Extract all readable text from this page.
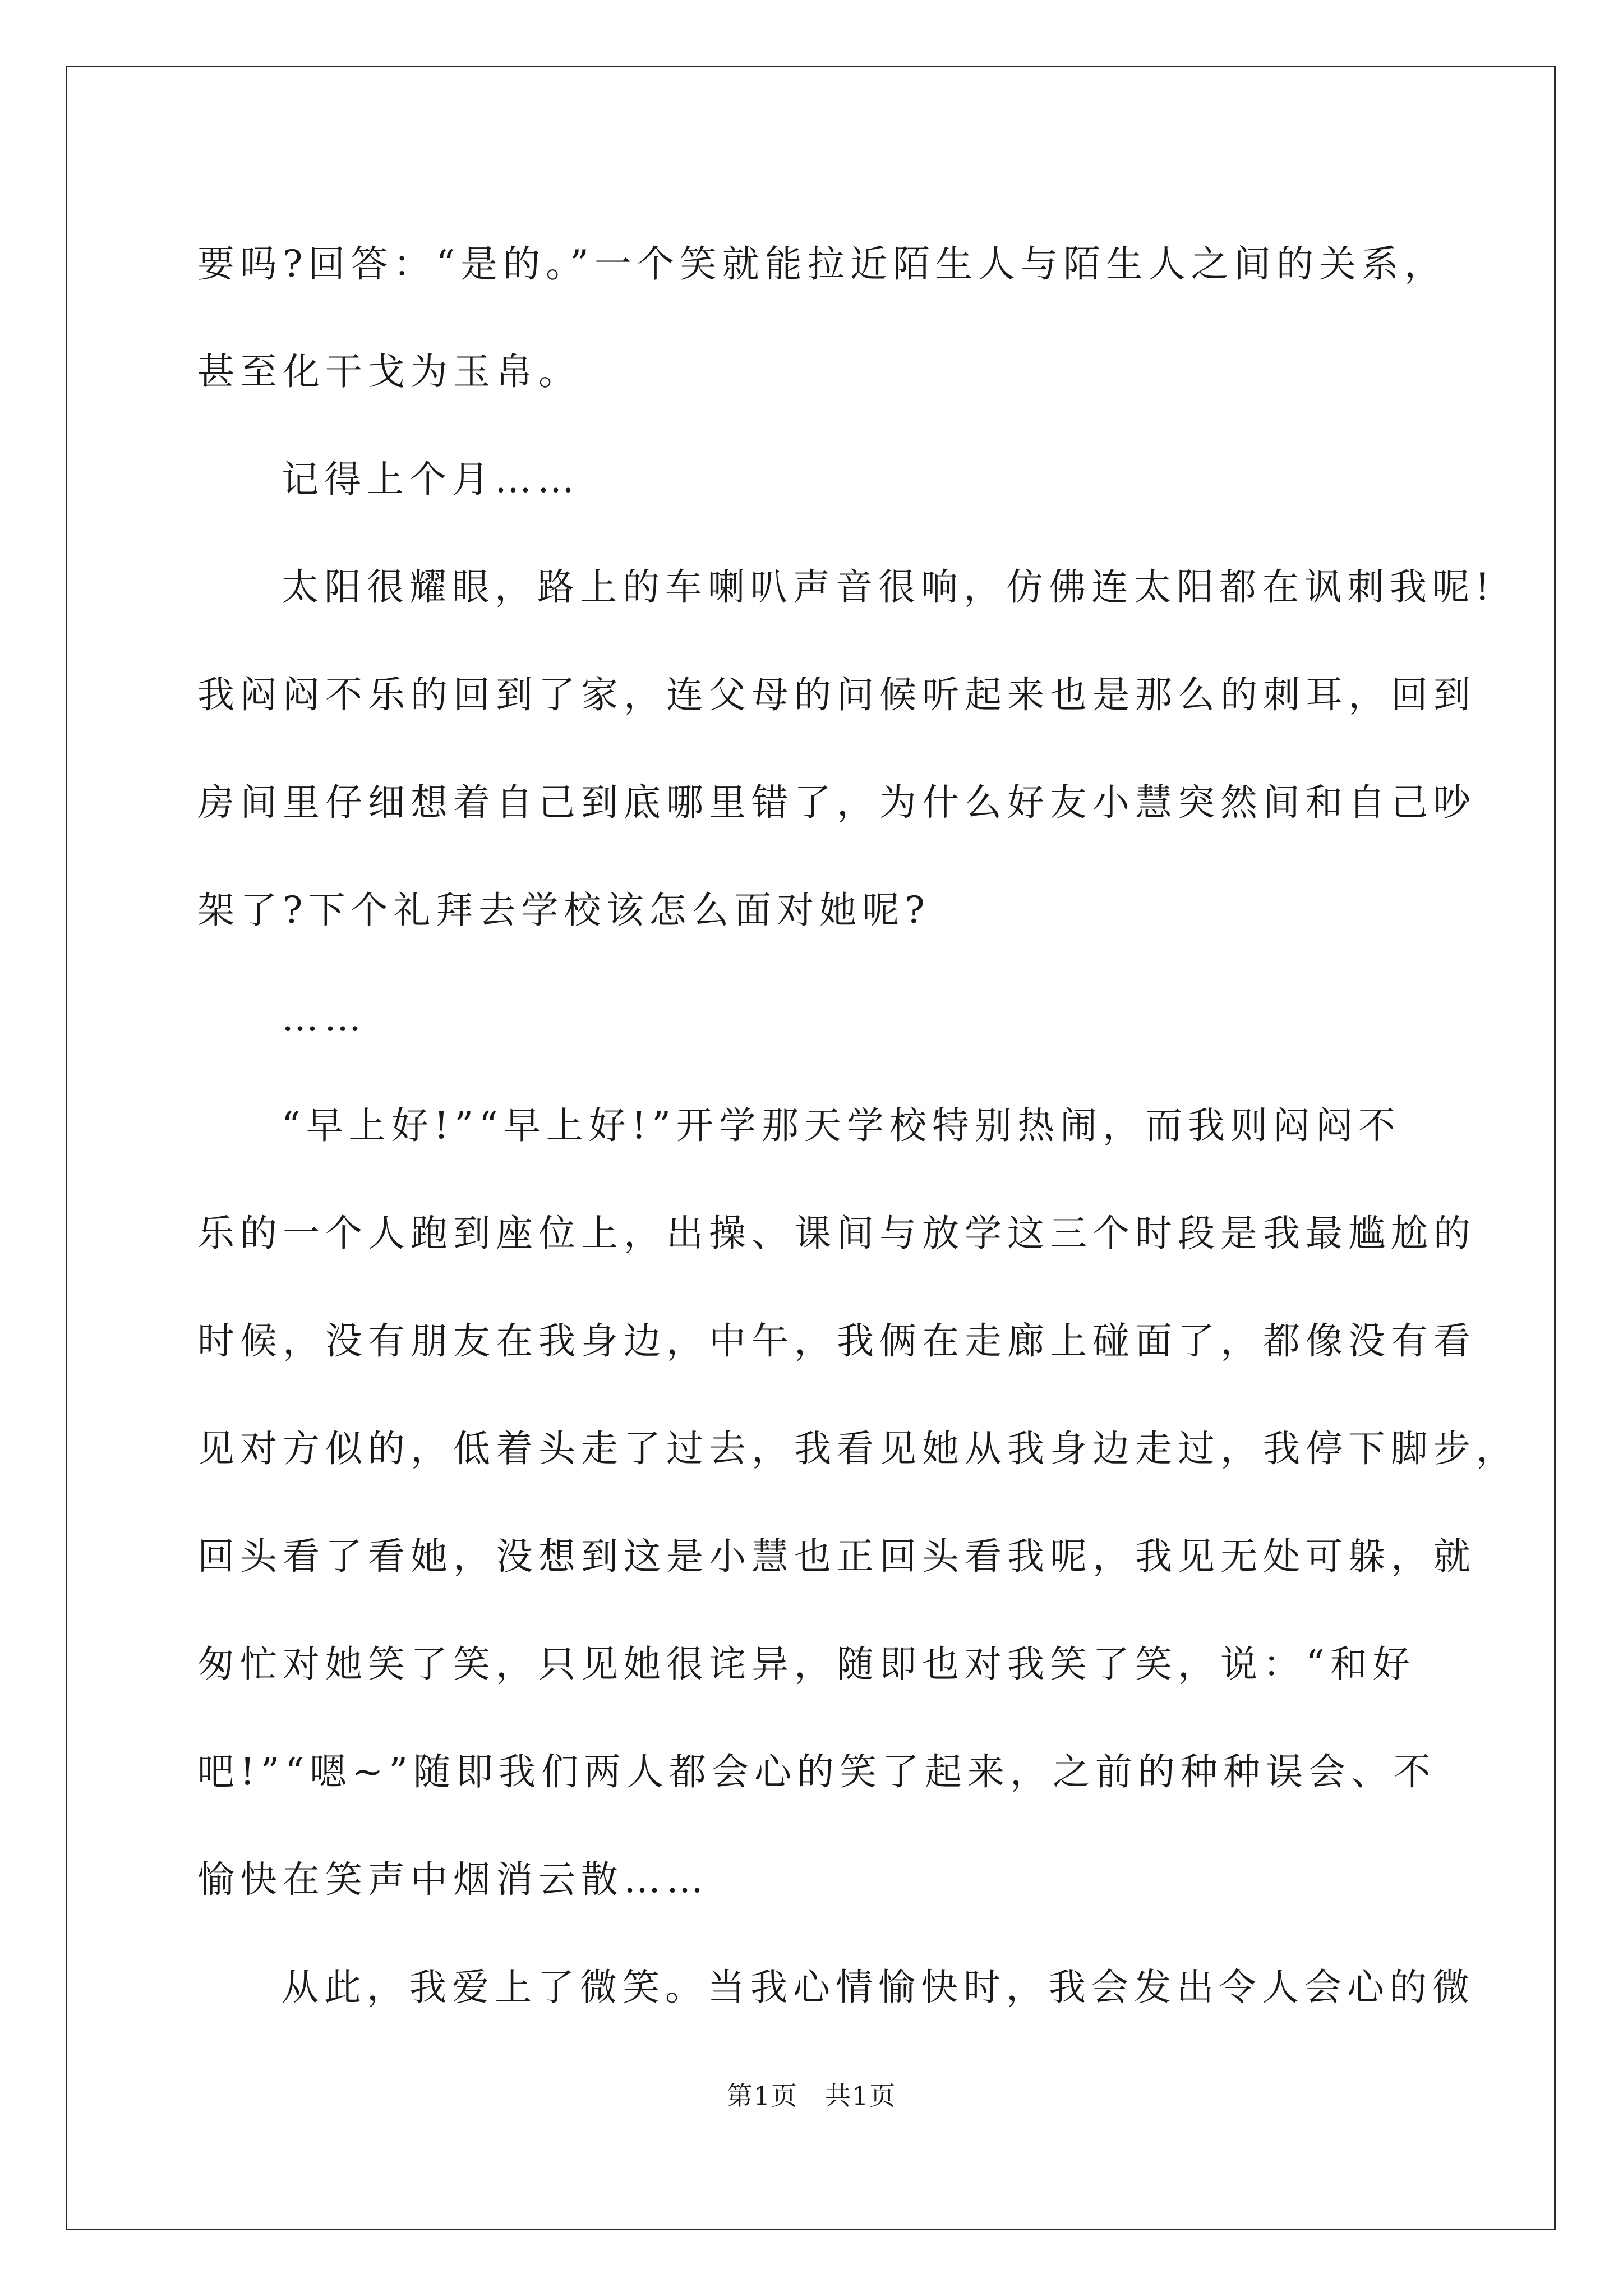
要吗?回答：“是的。”一个笑就能拉近陌生人与陌生人之间的关系，

甚至化干戈为玉帛。

记得上个月……

太阳很耀眼，路上的车喇叭声音很响，仿佛连太阳都在讽刺我呢!

我闷闷不乐的回到了家，连父母的问候听起来也是那么的刺耳，回到

房间里仔细想着自己到底哪里错了，为什么好友小慧突然间和自己吵

架了?下个礼拜去学校该怎么面对她呢?

……

“早上好!”“早上好!”开学那天学校特别热闹，而我则闷闷不

乐的一个人跑到座位上，出操、课间与放学这三个时段是我最尴尬的

时候，没有朋友在我身边，中午，我俩在走廊上碰面了，都像没有看

见对方似的，低着头走了过去，我看见她从我身边走过，我停下脚步，

回头看了看她，没想到这是小慧也正回头看我呢，我见无处可躲，就

匆忙对她笑了笑，只见她很诧异，随即也对我笑了笑，说：“和好

吧!”“嗯~”随即我们两人都会心的笑了起来，之前的种种误会、不

愉快在笑声中烟消云散……

从此，我爱上了微笑。当我心情愉快时，我会发出令人会心的微

第1页　共1页
